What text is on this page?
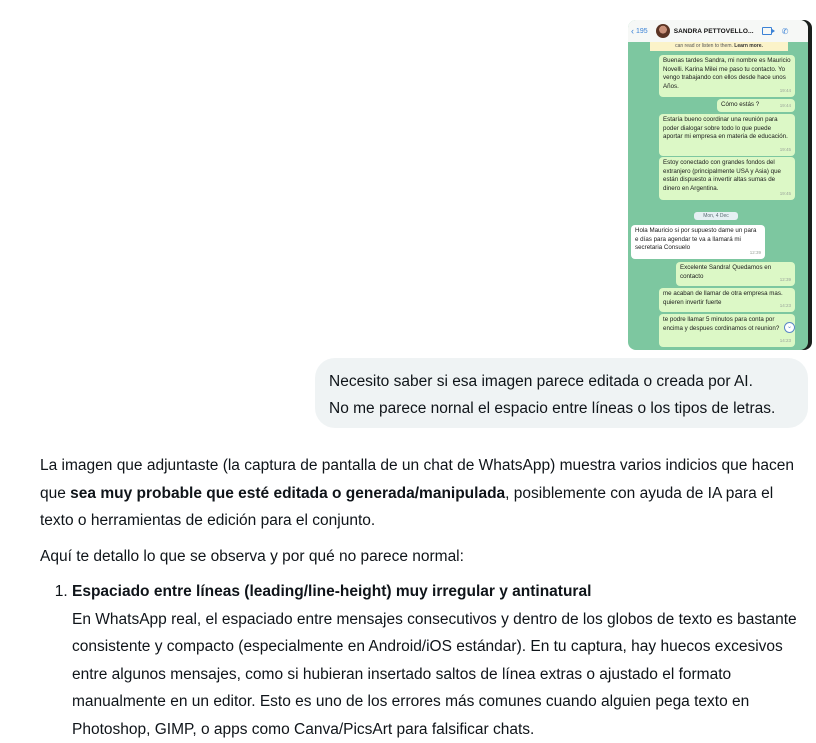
‹ 195	SANDRA PETTOVELLO...	✆
can read or listen to them. Learn more.
Buenas tardes Sandra, mi nombre es Mauricio Novelli. Karina Milei me paso tu contacto. Yo vengo trabajando con ellos desde hace unos Años.
19:44
Cómo estás ?	19:44
Estaría bueno coordinar una reunión para poder dialogar sobre todo lo que puede aportar mi empresa en materia de educación.
19:45
Estoy conectado con grandes fondos del extranjero (principalmente USA y Asia) que están dispuesto a invertir altas sumas de dinero en Argentina.
19:45
Mon, 4 Dec
Hola Mauricio si por supuesto dame un para e días para agendar te va a llamará mi secretaria Consuelo
12:39
Excelente Sandra! Quedamos en contacto
12:39
me acaban de llamar de otra empresa mas. quieren invertir fuerte
14:23
te podre llamar 5 minutos para conta por encima y despues cordinamos ot reunion?
14:23
⌄
Necesito saber si esa imagen parece editada o creada por AI.
No me parece nornal el espacio entre líneas o los tipos de letras.

La imagen que adjuntaste (la captura de pantalla de un chat de WhatsApp) muestra varios indicios que hacen que sea muy probable que esté editada o generada/manipulada, posiblemente con ayuda de IA para el texto o herramientas de edición para el conjunto.

Aquí te detallo lo que se observa y por qué no parece normal:

1. Espaciado entre líneas (leading/line-height) muy irregular y antinatural
En WhatsApp real, el espaciado entre mensajes consecutivos y dentro de los globos de texto es bastante consistente y compacto (especialmente en Android/iOS estándar). En tu captura, hay huecos excesivos entre algunos mensajes, como si hubieran insertado saltos de línea extras o ajustado el formato manualmente en un editor. Esto es uno de los errores más comunes cuando alguien pega texto en Photoshop, GIMP, o apps como Canva/PicsArt para falsificar chats.
